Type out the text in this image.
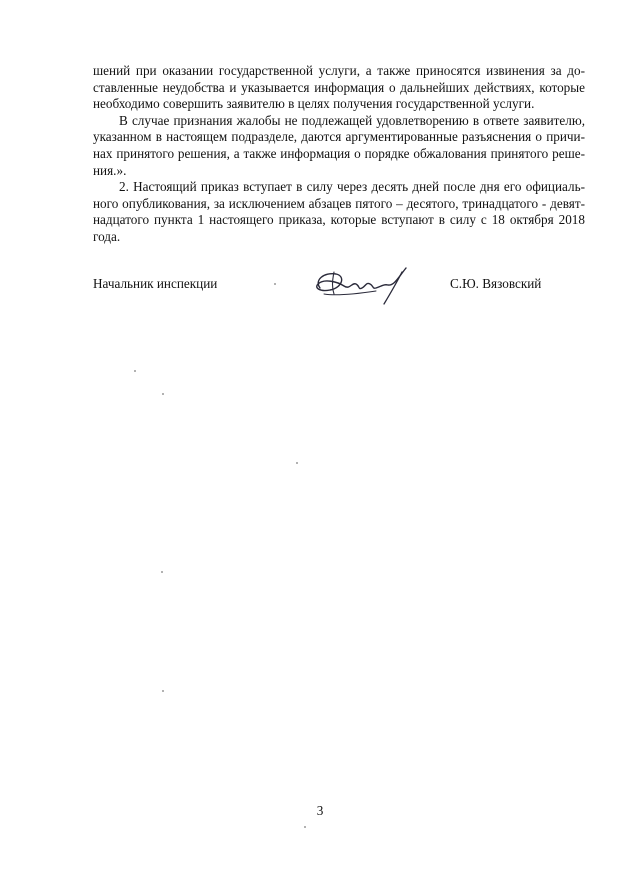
шений при оказании государственной услуги, а также приносятся извинения за до-
ставленные неудобства и указывается информация о дальнейших действиях, которые
необходимо совершить заявителю в целях получения государственной услуги.
В случае признания жалобы не подлежащей удовлетворению в ответе заявителю,
указанном в настоящем подразделе, даются аргументированные разъяснения о причи-
нах принятого решения, а также информация о порядке обжалования принятого реше-
ния.».
2. Настоящий приказ вступает в силу через десять дней после дня его официаль-
ного опубликования, за исключением абзацев пятого – десятого, тринадцатого - девят-
надцатого пункта 1 настоящего приказа, которые вступают в силу с 18 октября 2018
года.
Начальник инспекции	С.Ю. Вязовский
3
